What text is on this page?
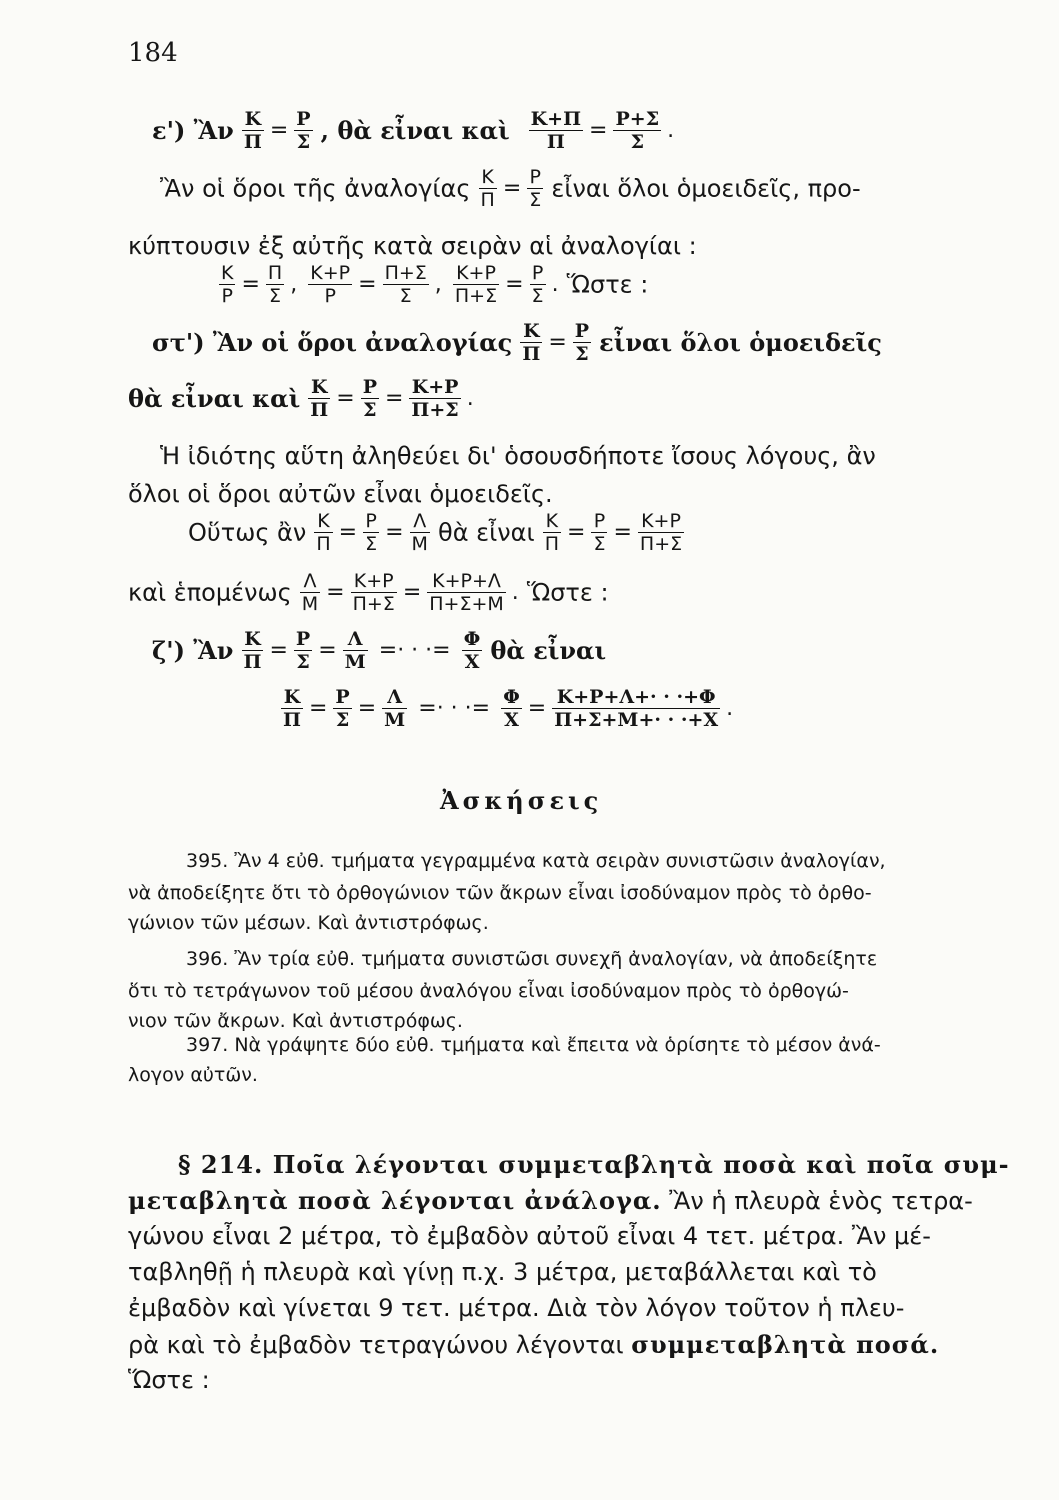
184
ε') Ἂν $\frac{K}{\Pi} = \frac{P}{\Sigma}$ , θὰ εἶναι καὶ $\frac{K+\Pi}{\Pi} = \frac{P+\Sigma}{\Sigma}$ .
Ἂν οἱ ὅροι τῆς ἀναλογίας $\frac{K}{\Pi} = \frac{P}{\Sigma}$ εἶναι ὅλοι ὁμοειδεῖς, προ-
κύπτουσιν ἐξ αὐτῆς κατὰ σειρὰν αἱ ἀναλογίαι :
$\frac{K}{P} = \frac{\Pi}{\Sigma}$ , $\frac{K+P}{P} = \frac{\Pi+\Sigma}{\Sigma}$ , $\frac{K+P}{\Pi+\Sigma} = \frac{P}{\Sigma}$ . Ὥστε :
στ') Ἂν οἱ ὅροι ἀναλογίας $\frac{K}{\Pi} = \frac{P}{\Sigma}$ εἶναι ὅλοι ὁμοειδεῖς
θὰ εἶναι καὶ $\frac{K}{\Pi} = \frac{P}{\Sigma} = \frac{K+P}{\Pi+\Sigma}$ .
Ἡ ἰδιότης αὕτη ἀληθεύει δι' ὁσουσδήποτε ἴσους λόγους, ἂν
ὅλοι οἱ ὅροι αὐτῶν εἶναι ὁμοειδεῖς.
Οὕτως ἂν $\frac{K}{\Pi} = \frac{P}{\Sigma} = \frac{\Lambda}{M}$ θὰ εἶναι $\frac{K}{\Pi} = \frac{P}{\Sigma} = \frac{K+P}{\Pi+\Sigma}$
καὶ ἑπομένως $\frac{\Lambda}{M} = \frac{K+P}{\Pi+\Sigma} = \frac{K+P+\Lambda}{\Pi+\Sigma+M}$ . Ὥστε :
ζ') Ἂν $\frac{K}{\Pi} = \frac{P}{\Sigma} = \frac{\Lambda}{M}$ =· · ·= $\frac{\Phi}{X}$ θὰ εἶναι
$\frac{K}{\Pi} = \frac{P}{\Sigma} = \frac{\Lambda}{M}$ =· · ·= $\frac{\Phi}{X} = \frac{K+P+\Lambda+\cdot \cdot \cdot+\Phi}{\Pi+\Sigma+M+\cdot \cdot \cdot+X}$ .
Ἀσκήσεις
395. Ἂν 4 εὐθ. τμήματα γεγραμμένα κατὰ σειρὰν συνιστῶσιν ἀναλογίαν,
νὰ ἀποδείξητε ὅτι τὸ ὀρθογώνιον τῶν ἄκρων εἶναι ἰσοδύναμον πρὸς τὸ ὀρθο-
γώνιον τῶν μέσων. Καὶ ἀντιστρόφως.
396. Ἂν τρία εὐθ. τμήματα συνιστῶσι συνεχῆ ἀναλογίαν, νὰ ἀποδείξητε
ὅτι τὸ τετράγωνον τοῦ μέσου ἀναλόγου εἶναι ἰσοδύναμον πρὸς τὸ ὀρθογώ-
νιον τῶν ἄκρων. Καὶ ἀντιστρόφως.
397. Νὰ γράψητε δύο εὐθ. τμήματα καὶ ἔπειτα νὰ ὁρίσητε τὸ μέσον ἀνά-
λογον αὐτῶν.
§ 214. Ποῖα λέγονται συμμεταβλητὰ ποσὰ καὶ ποῖα συμ-
μεταβλητὰ ποσὰ λέγονται ἀνάλογα. Ἂν ἡ πλευρὰ ἑνὸς τετρα-
γώνου εἶναι 2 μέτρα, τὸ ἐμβαδὸν αὐτοῦ εἶναι 4 τετ. μέτρα. Ἂν μέ-
ταβληθῇ ἡ πλευρὰ καὶ γίνῃ π.χ. 3 μέτρα, μεταβάλλεται καὶ τὸ
ἐμβαδὸν καὶ γίνεται 9 τετ. μέτρα. Διὰ τὸν λόγον τοῦτον ἡ πλευ-
ρὰ καὶ τὸ ἐμβαδὸν τετραγώνου λέγονται συμμεταβλητὰ ποσά.
Ὥστε :
